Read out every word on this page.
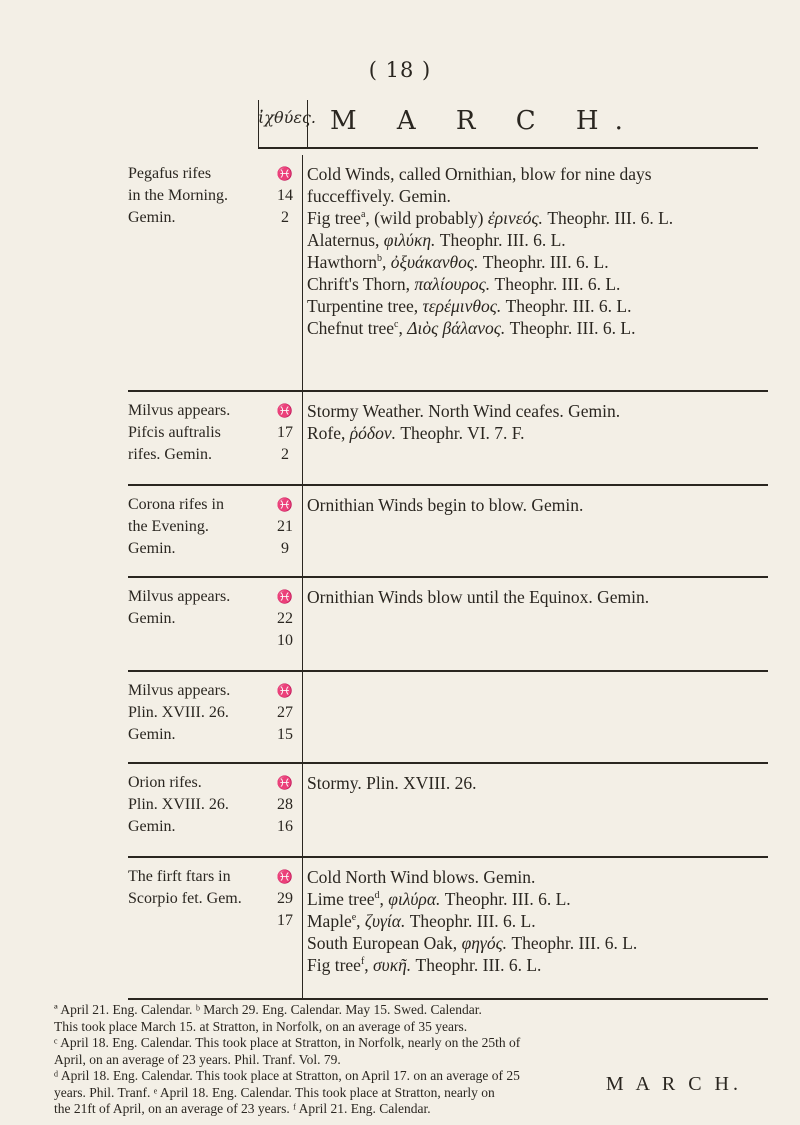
( 18 )
ἰχθύες. M A R C H.
Pegafus rifes
in the Morning.
Gemin.
♓
14
2
Cold Winds, called Ornithian, blow for nine days
fucceffively. Gemin.
Fig tree$^a$, (wild probably) ἐρινεός. Theophr. III. 6. L.
Alaternus, φιλύκη. Theophr. III. 6. L.
Hawthorn$^b$, ὀξυάκανθος. Theophr. III. 6. L.
Chrift's Thorn, παλίουρος. Theophr. III. 6. L.
Turpentine tree, τερέμινθος. Theophr. III. 6. L.
Chefnut tree$^c$, Διὸς βάλανος. Theophr. III. 6. L.
Milvus appears.
Pifcis auftralis
rifes. Gemin.
♓
17
2
Stormy Weather. North Wind ceafes. Gemin.
Rofe, ῥόδον. Theophr. VI. 7. F.
Corona rifes in
the Evening.
Gemin.
♓
21
9
Ornithian Winds begin to blow. Gemin.
Milvus appears.
Gemin.
♓
22
10
Ornithian Winds blow until the Equinox. Gemin.
Milvus appears.
Plin. XVIII. 26.
Gemin.
♓
27
15
Orion rifes.
Plin. XVIII. 26.
Gemin.
♓
28
16
Stormy. Plin. XVIII. 26.
The firft ftars in
Scorpio fet. Gem.
♓
29
17
Cold North Wind blows. Gemin.
Lime tree$^d$, φιλύρα. Theophr. III. 6. L.
Maple$^e$, ζυγία. Theophr. III. 6. L.
South European Oak, φηγός. Theophr. III. 6. L.
Fig tree$^f$, συκῆ. Theophr. III. 6. L.
ª April 21. Eng. Calendar. ᵇ March 29. Eng. Calendar. May 15. Swed. Calendar.
This took place March 15. at Stratton, in Norfolk, on an average of 35 years.
ᶜ April 18. Eng. Calendar. This took place at Stratton, in Norfolk, nearly on the 25th of
April, on an average of 23 years. Phil. Tranf. Vol. 79.
ᵈ April 18. Eng. Calendar. This took place at Stratton, on April 17. on an average of 25
years. Phil. Tranf. ᵉ April 18. Eng. Calendar. This took place at Stratton, nearly on
the 21ft of April, on an average of 23 years. ᶠ April 21. Eng. Calendar.
M A R C H.
